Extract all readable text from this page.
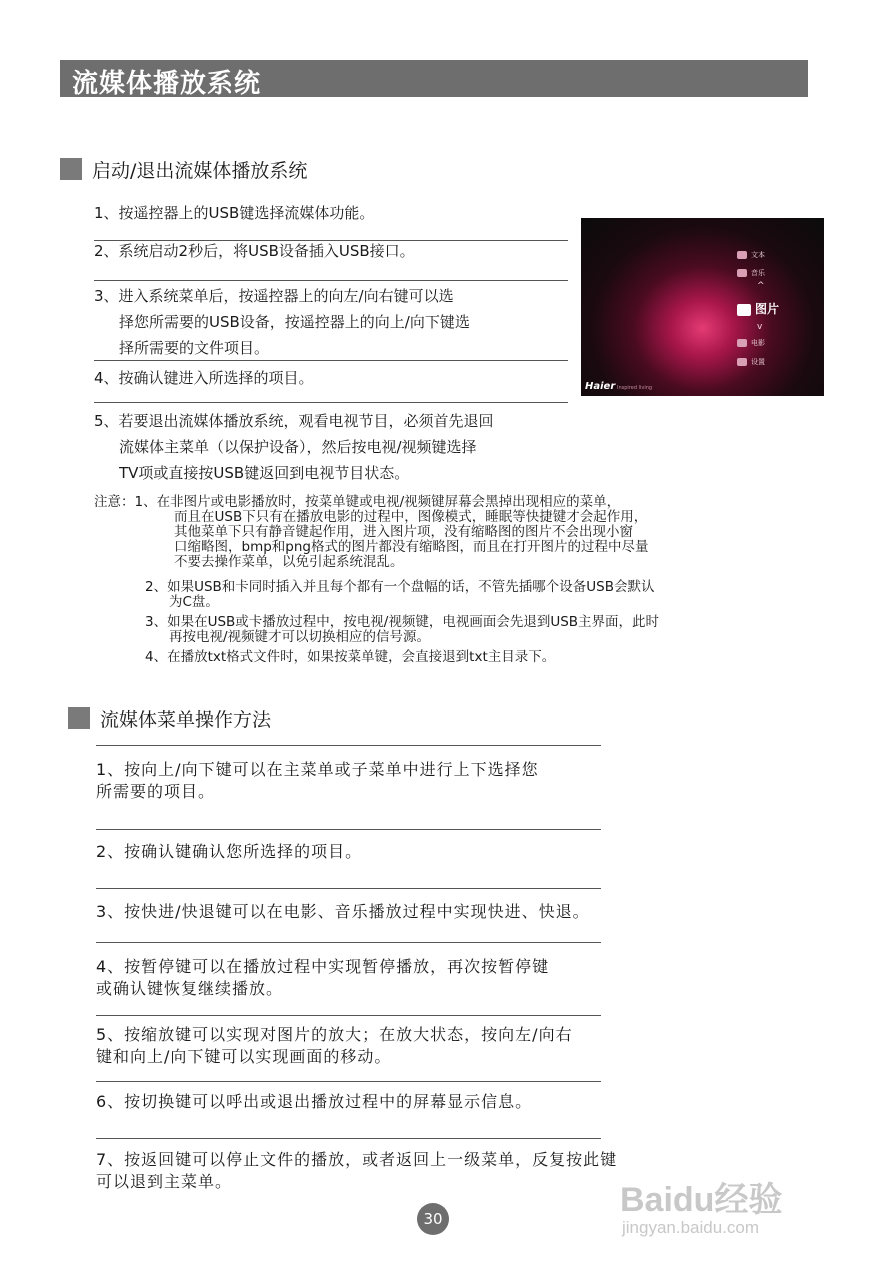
流媒体播放系统
启动/退出流媒体播放系统
1、按遥控器上的USB键选择流媒体功能。
2、系统启动2秒后，将USB设备插入USB接口。
3、进入系统菜单后，按遥控器上的向左/向右键可以选
择您所需要的USB设备，按遥控器上的向上/向下键选
择所需要的文件项目。
4、按确认键进入所选择的项目。
5、若要退出流媒体播放系统，观看电视节目，必须首先退回
流媒体主菜单（以保护设备），然后按电视/视频键选择
TV项或直接按USB键返回到电视节目状态。
文本
音乐
^
图片
v
电影
设置
Haier Inspired living
注意：1、在非图片或电影播放时，按菜单键或电视/视频键屏幕会黑掉出现相应的菜单，
而且在USB下只有在播放电影的过程中，图像模式，睡眠等快捷键才会起作用，
其他菜单下只有静音键起作用，进入图片项，没有缩略图的图片不会出现小窗
口缩略图，bmp和png格式的图片都没有缩略图，而且在打开图片的过程中尽量
不要去操作菜单，以免引起系统混乱。
2、如果USB和卡同时插入并且每个都有一个盘幅的话，不管先插哪个设备USB会默认
为C盘。
3、如果在USB或卡播放过程中，按电视/视频键，电视画面会先退到USB主界面，此时
再按电视/视频键才可以切换相应的信号源。
4、在播放txt格式文件时，如果按菜单键，会直接退到txt主目录下。
流媒体菜单操作方法
1、按向上/向下键可以在主菜单或子菜单中进行上下选择您
所需要的项目。
2、按确认键确认您所选择的项目。
3、按快进/快退键可以在电影、音乐播放过程中实现快进、快退。
4、按暂停键可以在播放过程中实现暂停播放，再次按暂停键
或确认键恢复继续播放。
5、按缩放键可以实现对图片的放大；在放大状态，按向左/向右
键和向上/向下键可以实现画面的移动。
6、按切换键可以呼出或退出播放过程中的屏幕显示信息。
7、按返回键可以停止文件的播放，或者返回上一级菜单，反复按此键
可以退到主菜单。
30	Baidu经验
jingyan.baidu.com
